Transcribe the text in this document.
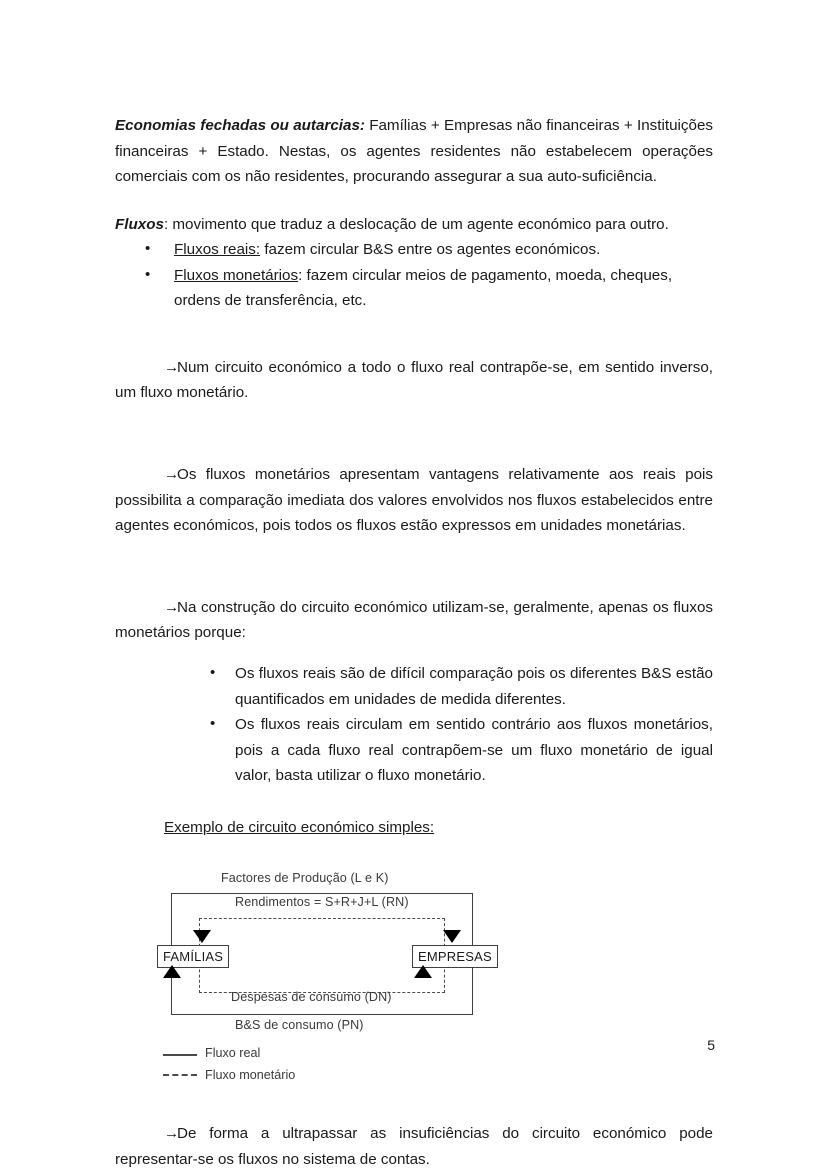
Economias fechadas ou autarcias: Famílias + Empresas não financeiras + Instituições financeiras + Estado. Nestas, os agentes residentes não estabelecem operações comerciais com os não residentes, procurando assegurar a sua auto-suficiência.

Fluxos: movimento que traduz a deslocação de um agente económico para outro.

• Fluxos reais: fazem circular B&S entre os agentes económicos.
• Fluxos monetários: fazem circular meios de pagamento, moeda, cheques, ordens de transferência, etc.

→Num circuito económico a todo o fluxo real contrapõe-se, em sentido inverso, um fluxo monetário.

→Os fluxos monetários apresentam vantagens relativamente aos reais pois possibilita a comparação imediata dos valores envolvidos nos fluxos estabelecidos entre agentes económicos, pois todos os fluxos estão expressos em unidades monetárias.

→Na construção do circuito económico utilizam-se, geralmente, apenas os fluxos monetários porque:

• Os fluxos reais são de difícil comparação pois os diferentes B&S estão quantificados em unidades de medida diferentes.
• Os fluxos reais circulam em sentido contrário aos fluxos monetários, pois a cada fluxo real contrapõem-se um fluxo monetário de igual valor, basta utilizar o fluxo monetário.
Exemplo de circuito económico simples:
Factores de Produção (L e K)
Rendimentos = S+R+J+L (RN)
Despesas de consumo (DN)
B&S de consumo (PN)
FAMÍLIAS	EMPRESAS
Fluxo real
Fluxo monetário

→De forma a ultrapassar as insuficiências do circuito económico pode representar-se os fluxos no sistema de contas.

5
